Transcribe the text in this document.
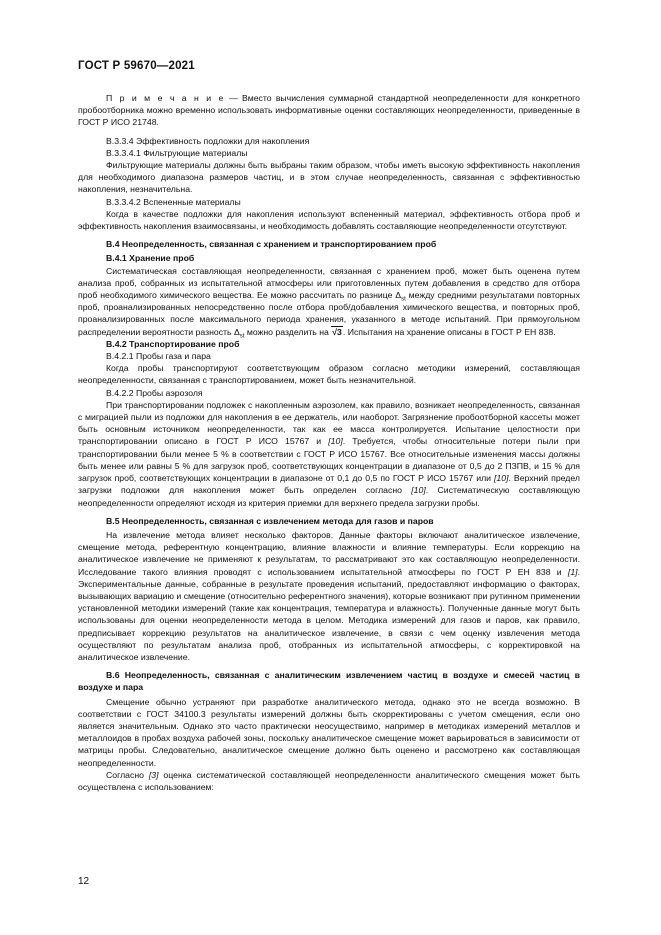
ГОСТ Р 59670—2021

П р и м е ч а н и е — Вместо вычисления суммарной стандартной неопределенности для конкретного пробоотборника можно временно использовать информативные оценки составляющих неопределенности, приведенные в ГОСТ Р ИСО 21748.

В.3.3.4 Эффективность подложки для накопления

В.3.3.4.1 Фильтрующие материалы

Фильтрующие материалы должны быть выбраны таким образом, чтобы иметь высокую эффективность накопления для необходимого диапазона размеров частиц, и в этом случае неопределенность, связанная с эффективностью накопления, незначительна.

В.3.3.4.2 Вспененные материалы

Когда в качестве подложки для накопления используют вспененный материал, эффективность отбора проб и эффективность накопления взаимосвязаны, и необходимость добавлять составляющие неопределенности отсутствуют.

В.4 Неопределенность, связанная с хранением и транспортированием проб

В.4.1 Хранение проб

Систематическая составляющая неопределенности, связанная с хранением проб, может быть оценена путем анализа проб, собранных из испытательной атмосферы или приготовленных путем добавления в средство для отбора проб необходимого химического вещества. Ее можно рассчитать по разнице $\Delta_{st}$ между средними результатами повторных проб, проанализированных непосредственно после отбора проб/добавления химического вещества, и повторных проб, проанализированных после максимального периода хранения, указанного в методе испытаний. При прямоугольном распределении вероятности разность $\Delta_{st}$ можно разделить на √3. Испытания на хранение описаны в ГОСТ Р ЕН 838.

В.4.2 Транспортирование проб

В.4.2.1 Пробы газа и пара

Когда пробы транспортируют соответствующим образом согласно методики измерений, составляющая неопределенности, связанная с транспортированием, может быть незначительной.

В.4.2.2 Пробы аэрозоля

При транспортировании подложек с накопленным аэрозолем, как правило, возникает неопределенность, связанная с миграцией пыли из подложки для накопления в ее держатель, или наоборот. Загрязнение пробоотборной кассеты может быть основным источником неопределенности, так как ее масса контролируется. Испытание целостности при транспортировании описано в ГОСТ Р ИСО 15767 и [10]. Требуется, чтобы относительные потери пыли при транспортировании были менее 5 % в соответствии с ГОСТ Р ИСО 15767. Все относительные изменения массы должны быть менее или равны 5 % для загрузок проб, соответствующих концентрации в диапазоне от 0,5 до 2 ПЗПВ, и 15 % для загрузок проб, соответствующих концентрации в диапазоне от 0,1 до 0,5 по ГОСТ Р ИСО 15767 или [10]. Верхний предел загрузки подложки для накопления может быть определен согласно [10]. Систематическую составляющую неопределенности определяют исходя из критерия приемки для верхнего предела загрузки пробы.

В.5 Неопределенность, связанная с извлечением метода для газов и паров

На извлечение метода влияет несколько факторов. Данные факторы включают аналитическое извлечение, смещение метода, референтную концентрацию, влияние влажности и влияние температуры. Если коррекцию на аналитическое извлечение не применяют к результатам, то рассматривают это как составляющую неопределенности. Исследование такого влияния проводят с использованием испытательной атмосферы по ГОСТ Р ЕН 838 и [1]. Экспериментальные данные, собранные в результате проведения испытаний, предоставляют информацию о факторах, вызывающих вариацию и смещение (относительно референтного значения), которые возникают при рутинном применении установленной методики измерений (такие как концентрация, температура и влажность). Полученные данные могут быть использованы для оценки неопределенности метода в целом. Методика измерений для газов и паров, как правило, предписывает коррекцию результатов на аналитическое извлечение, в связи с чем оценку извлечения метода осуществляют по результатам анализа проб, отобранных из испытательной атмосферы, с корректировкой на аналитическое извлечение.

В.6 Неопределенность, связанная с аналитическим извлечением частиц в воздухе и смесей частиц в воздухе и пара

Смещение обычно устраняют при разработке аналитического метода, однако это не всегда возможно. В соответствии с ГОСТ 34100.3 результаты измерений должны быть скорректированы с учетом смещения, если оно является значительным. Однако это часто практически неосуществимо, например в методиках измерений металлов и металлоидов в пробах воздуха рабочей зоны, поскольку аналитическое смещение может варьироваться в зависимости от матрицы пробы. Следовательно, аналитическое смещение должно быть оценено и рассмотрено как составляющая неопределенности.

Согласно [3] оценка систематической составляющей неопределенности аналитического смещения может быть осуществлена с использованием:

12
